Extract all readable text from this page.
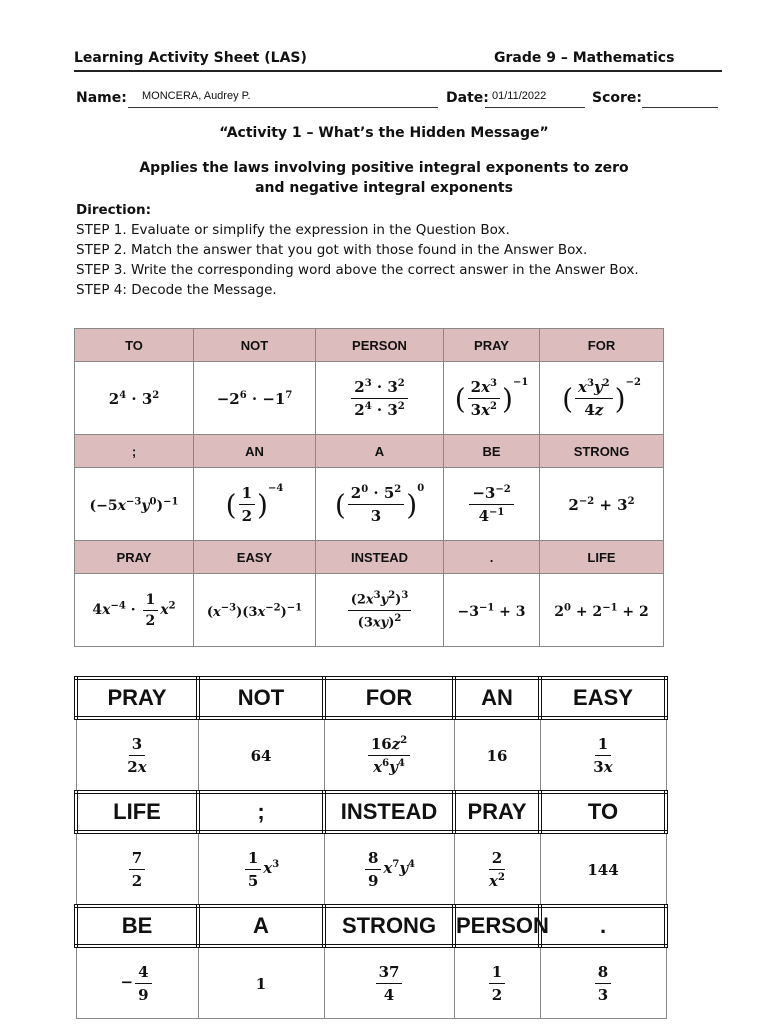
Learning Activity Sheet (LAS)	Grade 9 – Mathematics
Name: MONCERA, Audrey P.	Date: 01/11/2022	Score:
“Activity 1 – What’s the Hidden Message”
Applies the laws involving positive integral exponents to zero
and negative integral exponents
Direction:
STEP 1. Evaluate or simplify the expression in the Question Box.
STEP 2. Match the answer that you got with those found in the Answer Box.
STEP 3. Write the corresponding word above the correct answer in the Answer Box.
STEP 4: Decode the Message.
TO	NOT	PERSON	PRAY	FOR
$2^4 \cdot 3^2$	$-2^6 \cdot -1^7$	$\frac{2^3 \cdot 3^2}{2^4 \cdot 3^2}$	( $\frac{2x^3}{3x^2} )^{-1}$	( $\frac{x^3y^2}{4z} )^{-2}$
;	AN	A	BE	STRONG
$(-5x^{-3}y^0)^{-1}$	( $\frac{1}{2} )^{-4}$	( $\frac{2^0 \cdot 5^2}{3} )^0$	$\frac{-3^{-2}}{4^{-1}}$	$2^{-2} + 3^2$
PRAY	EASY	INSTEAD	.	LIFE
$4x^{-4} \cdot \frac{1}{2} x^2$	$(x^{-3})(3x^{-2})^{-1}$	$\frac{(2x^3y^2)^3}{(3xy)^2}$	$-3^{-1} + 3$	$2^0 + 2^{-1} + 2$
PRAY	NOT	FOR	AN	EASY

$\frac{3}{2x}$	64	$\frac{16z^2}{x^6y^4}$	16	$\frac{1}{3x}$

LIFE	;	INSTEAD	PRAY	TO

$\frac{7}{2}$	$\frac{1}{5} x^3$	$\frac{8}{9} x^7y^4$	$\frac{2}{x^2}$	144
BE	A	STRONG	PERSON	.
− $\frac{4}{9}$	1	$\frac{37}{4}$	$\frac{1}{2}$	$\frac{8}{3}$
